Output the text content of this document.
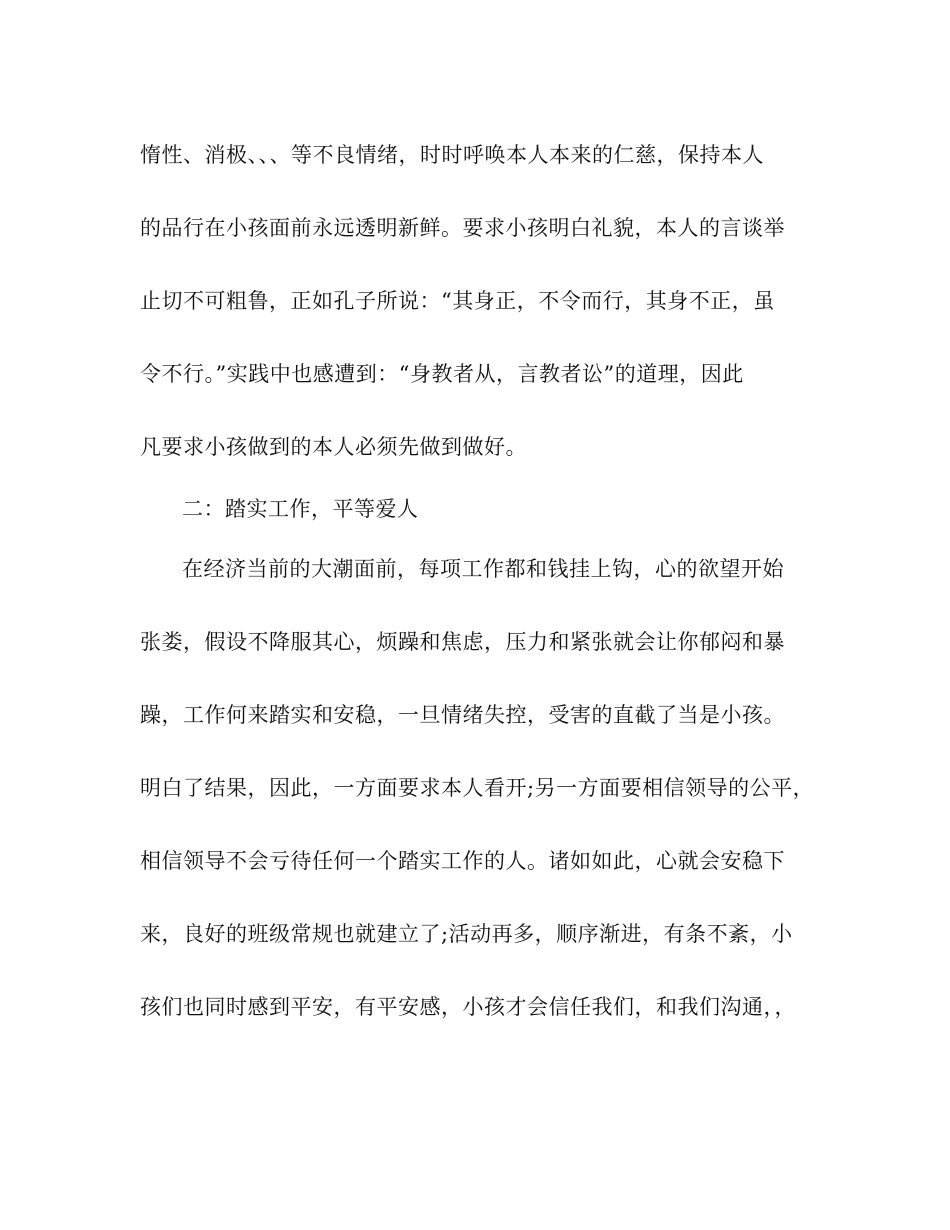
惰性、消极、、、等不良情绪，时时呼唤本人本来的仁慈，保持本人
的品行在小孩面前永远透明新鲜。要求小孩明白礼貌，本人的言谈举
止切不可粗鲁，正如孔子所说：“其身正，不令而行，其身不正，虽
令不行。”实践中也感遭到：“身教者从，言教者讼”的道理，因此
凡要求小孩做到的本人必须先做到做好。
二：踏实工作，平等爱人
在经济当前的大潮面前，每项工作都和钱挂上钩，心的欲望开始
张娄，假设不降服其心，烦躁和焦虑，压力和紧张就会让你郁闷和暴
躁，工作何来踏实和安稳，一旦情绪失控，受害的直截了当是小孩。
明白了结果，因此，一方面要求本人看开;另一方面要相信领导的公平，
相信领导不会亏待任何一个踏实工作的人。诸如如此，心就会安稳下
来，良好的班级常规也就建立了;活动再多，顺序渐进，有条不紊，小
孩们也同时感到平安，有平安感，小孩才会信任我们，和我们沟通，，
